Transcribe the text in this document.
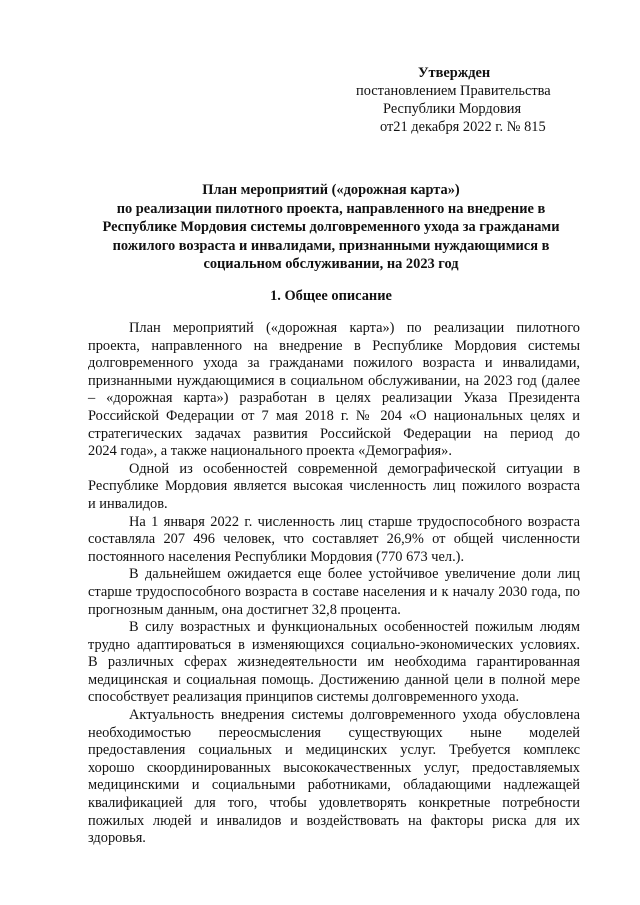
Утвержден
постановлением Правительства
Республики Мордовия
от21 декабря 2022 г. № 815
План мероприятий («дорожная карта»)
по реализации пилотного проекта, направленного на внедрение в
Республике Мордовия системы долговременного ухода за гражданами
пожилого возраста и инвалидами, признанными нуждающимися в
социальном обслуживании, на 2023 год
1. Общее описание
План мероприятий («дорожная карта») по реализации пилотного
проекта, направленного на внедрение в Республике Мордовия системы
долговременного ухода за гражданами пожилого возраста и инвалидами,
признанными нуждающимися в социальном обслуживании, на 2023 год (далее
– «дорожная карта») разработан в целях реализации Указа Президента
Российской Федерации от 7 мая 2018 г. № 204 «О национальных целях и
стратегических задачах развития Российской Федерации на период до
2024 года», а также национального проекта «Демография».
Одной из особенностей современной демографической ситуации в
Республике Мордовия является высокая численность лиц пожилого возраста
и инвалидов.
На 1 января 2022 г. численность лиц старше трудоспособного возраста
составляла 207 496 человек, что составляет 26,9% от общей численности
постоянного населения Республики Мордовия (770 673 чел.).
В дальнейшем ожидается еще более устойчивое увеличение доли лиц
старше трудоспособного возраста в составе населения и к началу 2030 года, по
прогнозным данным, она достигнет 32,8 процента.
В силу возрастных и функциональных особенностей пожилым людям
трудно адаптироваться в изменяющихся социально-экономических условиях.
В различных сферах жизнедеятельности им необходима гарантированная
медицинская и социальная помощь. Достижению данной цели в полной мере
способствует реализация принципов системы долговременного ухода.
Актуальность внедрения системы долговременного ухода обусловлена
необходимостью переосмысления существующих ныне моделей
предоставления социальных и медицинских услуг. Требуется комплекс
хорошо скоординированных высококачественных услуг, предоставляемых
медицинскими и социальными работниками, обладающими надлежащей
квалификацией для того, чтобы удовлетворять конкретные потребности
пожилых людей и инвалидов и воздействовать на факторы риска для их
здоровья.
